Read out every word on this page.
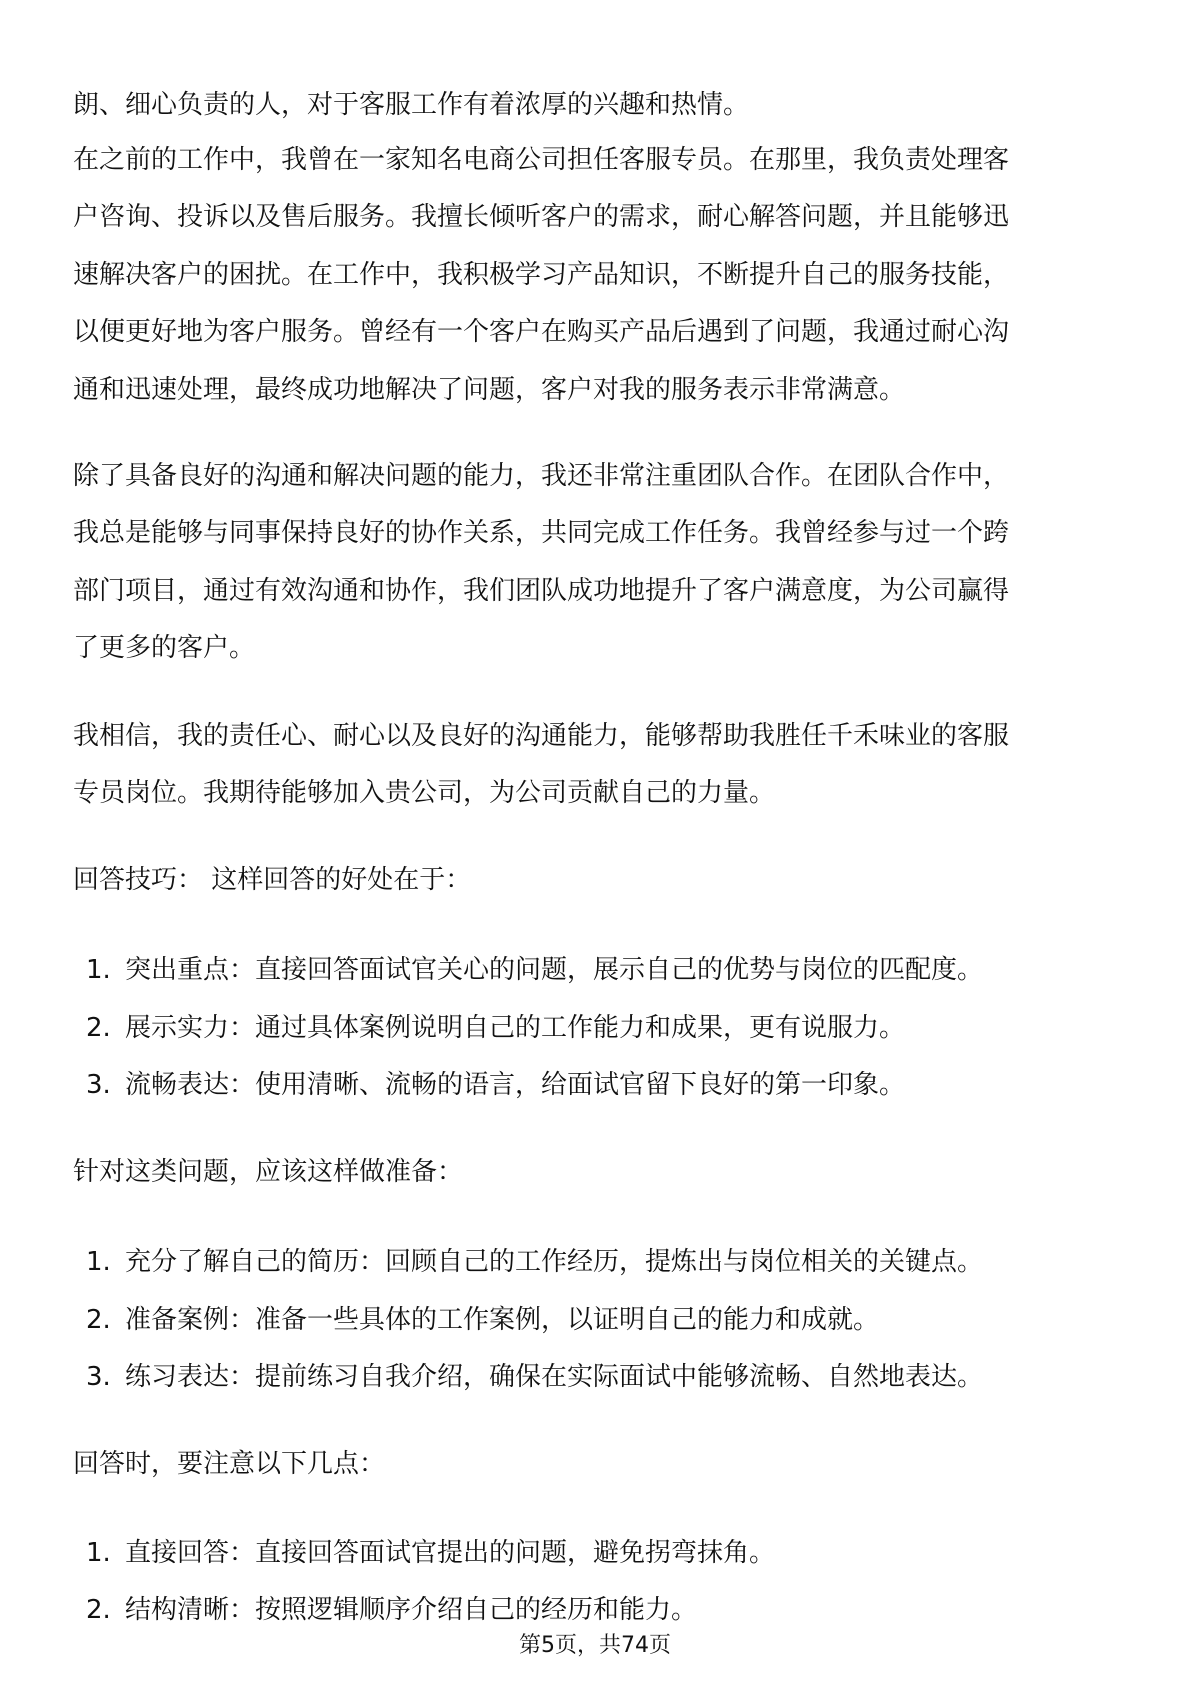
朗、细心负责的人，对于客服工作有着浓厚的兴趣和热情。
在之前的工作中，我曾在一家知名电商公司担任客服专员。在那里，我负责处理客
户咨询、投诉以及售后服务。我擅长倾听客户的需求，耐心解答问题，并且能够迅
速解决客户的困扰。在工作中，我积极学习产品知识，不断提升自己的服务技能，
以便更好地为客户服务。曾经有一个客户在购买产品后遇到了问题，我通过耐心沟
通和迅速处理，最终成功地解决了问题，客户对我的服务表示非常满意。
除了具备良好的沟通和解决问题的能力，我还非常注重团队合作。在团队合作中，
我总是能够与同事保持良好的协作关系，共同完成工作任务。我曾经参与过一个跨
部门项目，通过有效沟通和协作，我们团队成功地提升了客户满意度，为公司赢得
了更多的客户。
我相信，我的责任心、耐心以及良好的沟通能力，能够帮助我胜任千禾味业的客服
专员岗位。我期待能够加入贵公司，为公司贡献自己的力量。
回答技巧： 这样回答的好处在于：
1. 突出重点：直接回答面试官关心的问题，展示自己的优势与岗位的匹配度。
2. 展示实力：通过具体案例说明自己的工作能力和成果，更有说服力。
3. 流畅表达：使用清晰、流畅的语言，给面试官留下良好的第一印象。
针对这类问题，应该这样做准备：
1. 充分了解自己的简历：回顾自己的工作经历，提炼出与岗位相关的关键点。
2. 准备案例：准备一些具体的工作案例，以证明自己的能力和成就。
3. 练习表达：提前练习自我介绍，确保在实际面试中能够流畅、自然地表达。
回答时，要注意以下几点：
1. 直接回答：直接回答面试官提出的问题，避免拐弯抹角。
2. 结构清晰：按照逻辑顺序介绍自己的经历和能力。
第5页，共74页
